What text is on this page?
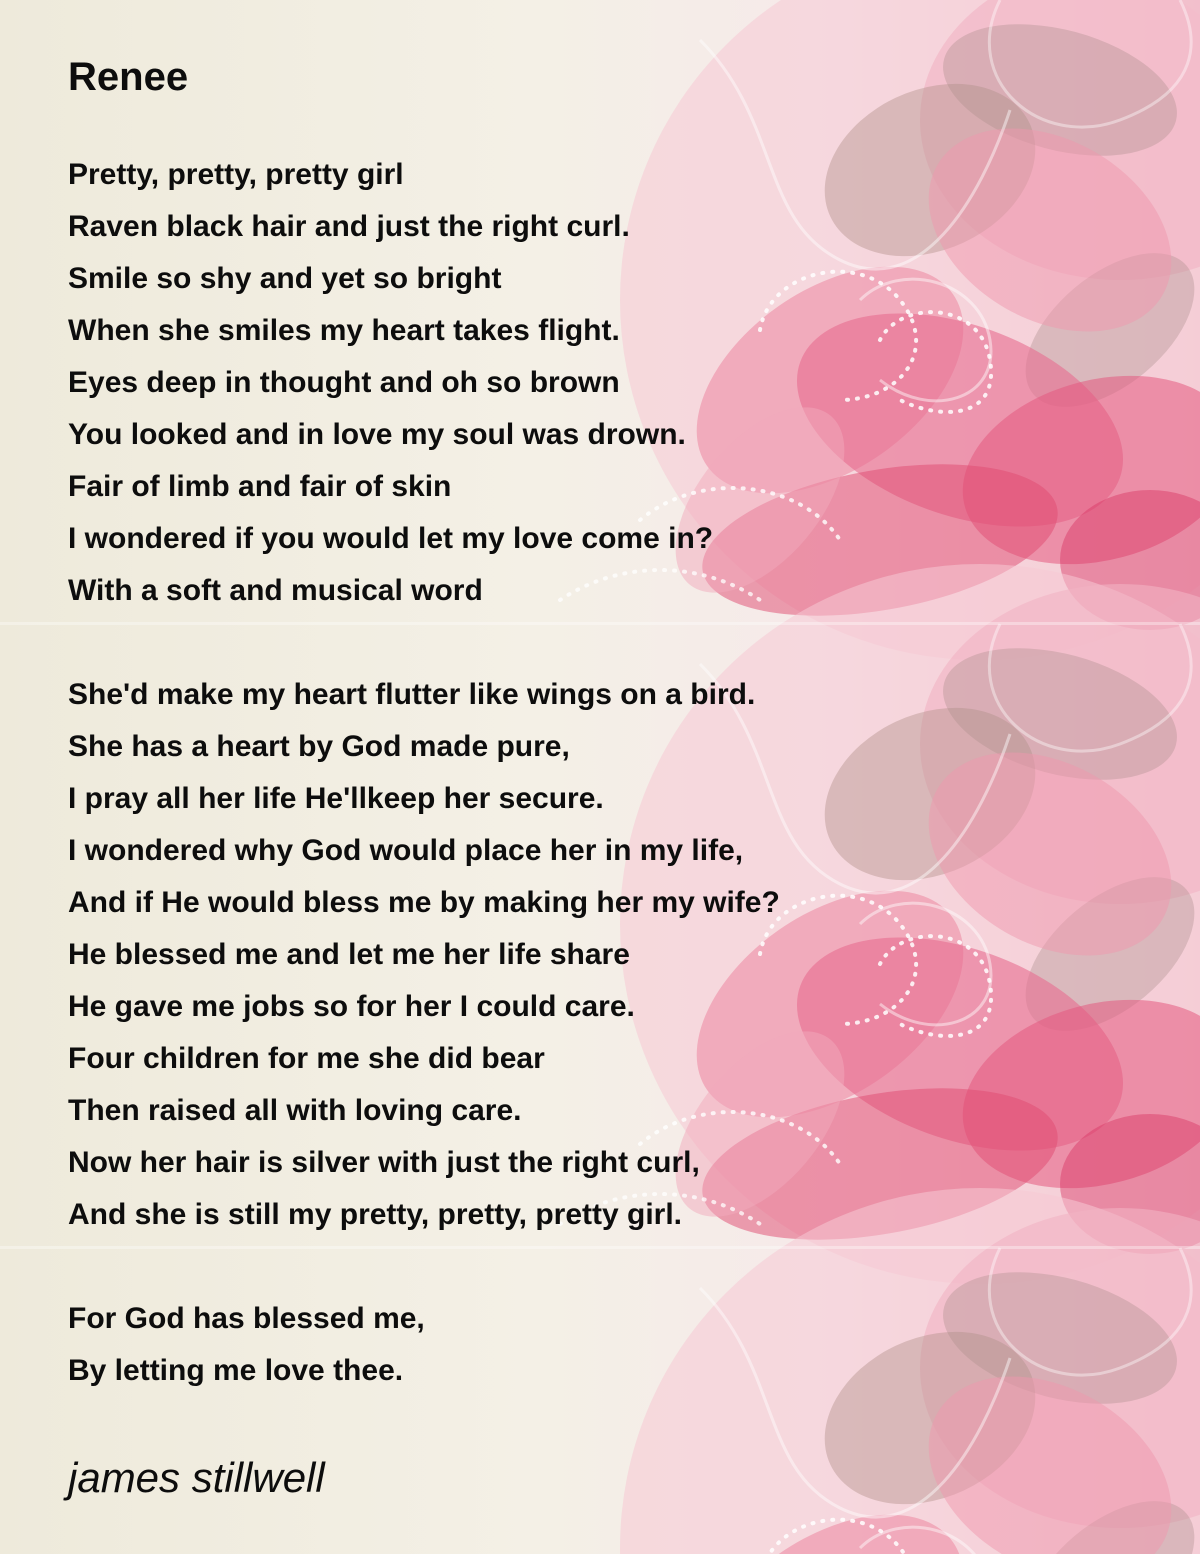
Renee
Pretty, pretty, pretty girl
Raven black hair and just the right curl.
Smile so shy and yet so bright
When she smiles my heart takes flight.
Eyes deep in thought and oh so brown
You looked and in love my soul was drown.
Fair of limb and fair of skin
I wondered if you would let my love come in?
With a soft and musical word
She'd make my heart flutter like wings on a bird.
She has a heart by God made pure,
I pray all her life He'llkeep her secure.
I wondered why God would place her in my life,
And if He would bless me by making her my wife?
He blessed me and let me her life share
He gave me jobs so for her I could care.
Four children for me she did bear
Then raised all with loving care.
Now her hair is silver with just the right curl,
And she is still my pretty, pretty, pretty girl.
For God has blessed me,
By letting me love thee.

james stillwell
